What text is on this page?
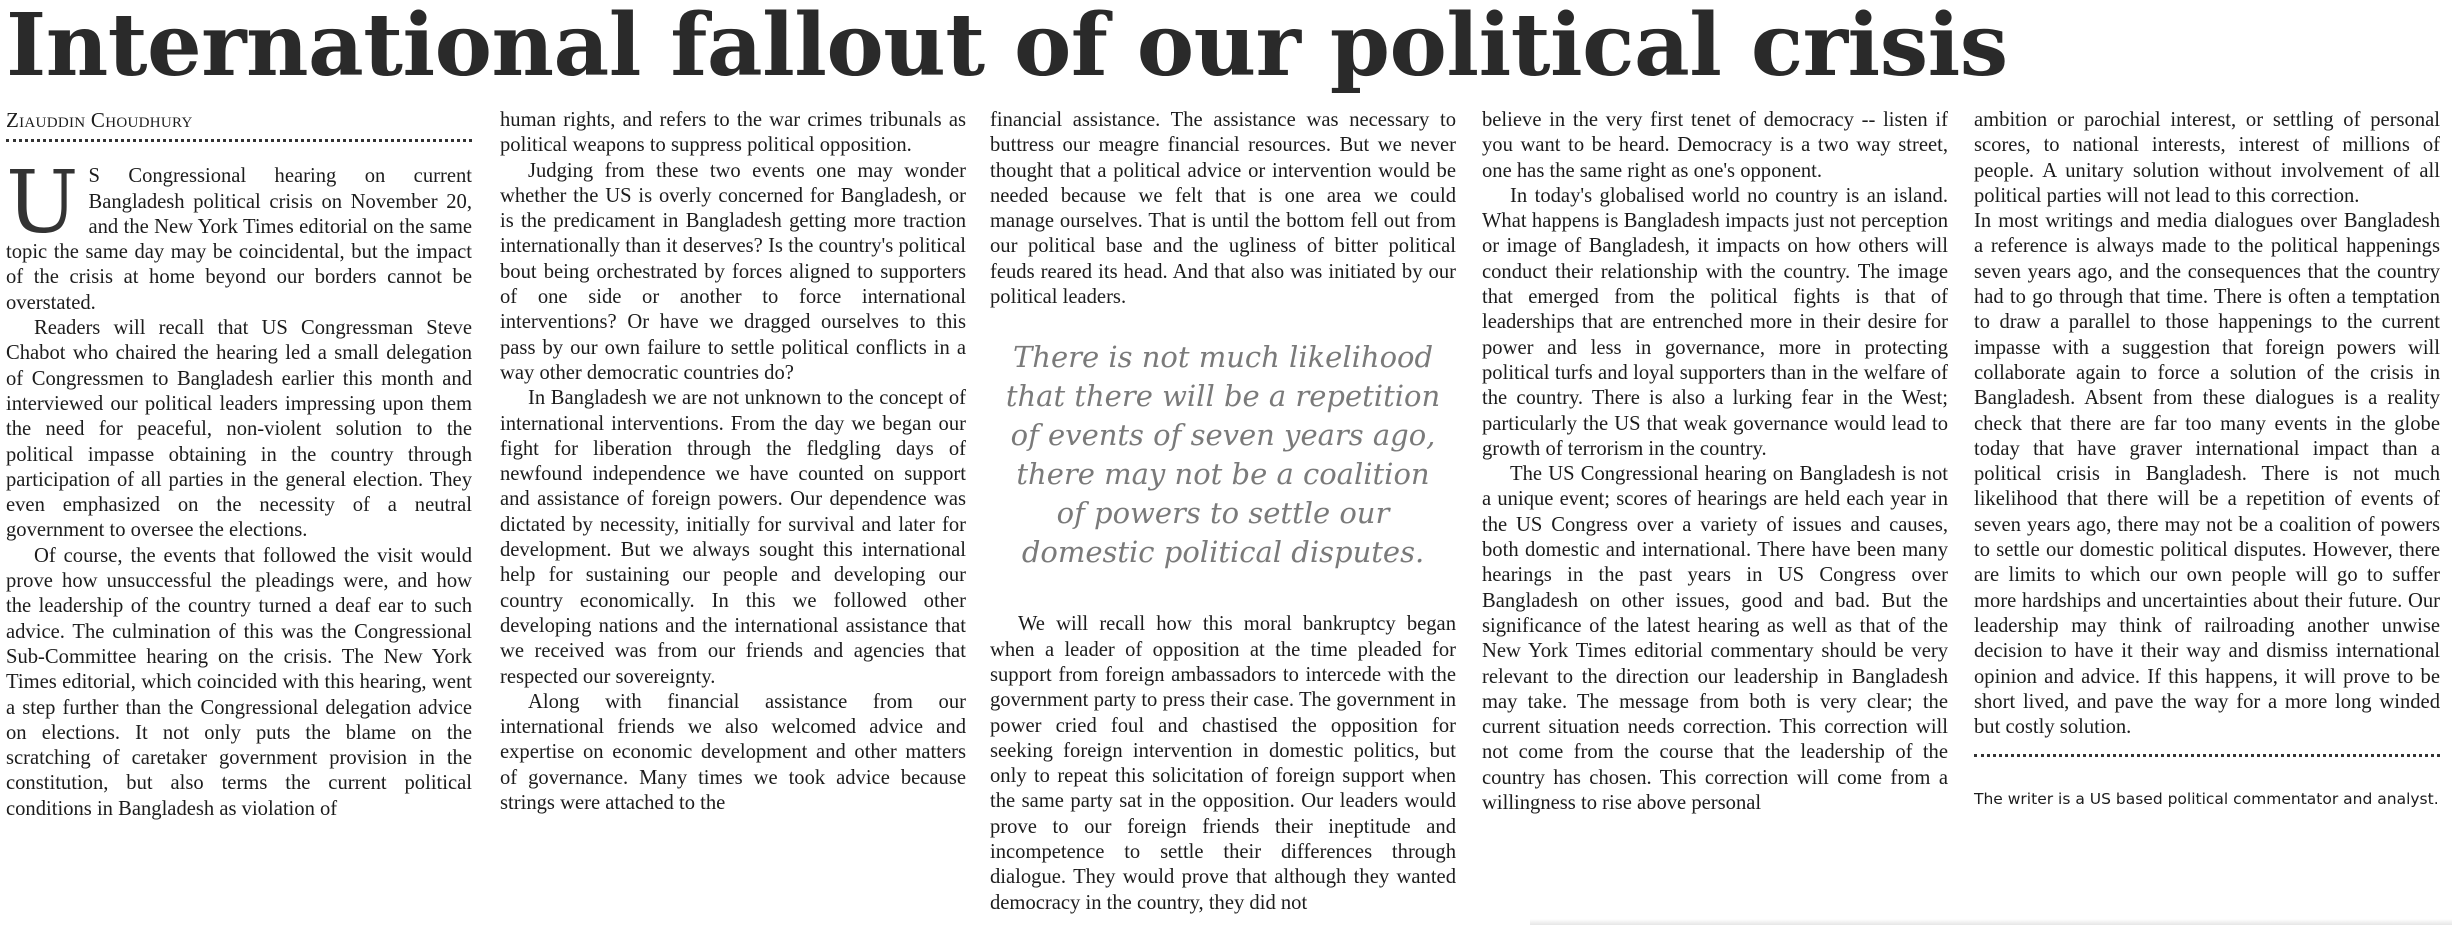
International fallout of our political crisis
Ziauddin Choudhury

U S Congressional hearing on current Bangladesh political crisis on November 20, and the New York Times editorial on the same topic the same day may be coincidental, but the impact of the crisis at home beyond our borders cannot be overstated.

Readers will recall that US Congressman Steve Chabot who chaired the hearing led a small delegation of Congressmen to Bangladesh earlier this month and interviewed our political leaders impressing upon them the need for peaceful, non-violent solution to the political impasse obtaining in the country through participation of all parties in the general election. They even emphasized on the necessity of a neutral government to oversee the elections.

Of course, the events that followed the visit would prove how unsuccessful the pleadings were, and how the leadership of the country turned a deaf ear to such advice. The culmination of this was the Congressional Sub-Committee hearing on the crisis. The New York Times editorial, which coincided with this hearing, went a step further than the Congressional delegation advice on elections. It not only puts the blame on the scratching of caretaker government provision in the constitution, but also terms the current political conditions in Bangladesh as violation of

human rights, and refers to the war crimes tribunals as political weapons to suppress political opposition.

Judging from these two events one may wonder whether the US is overly concerned for Bangladesh, or is the predicament in Bangladesh getting more traction internationally than it deserves? Is the country's political bout being orchestrated by forces aligned to supporters of one side or another to force international interventions? Or have we dragged ourselves to this pass by our own failure to settle political conflicts in a way other democratic countries do?

In Bangladesh we are not unknown to the concept of international interventions. From the day we began our fight for liberation through the fledgling days of newfound independence we have counted on support and assistance of foreign powers. Our dependence was dictated by necessity, initially for survival and later for development. But we always sought this international help for sustaining our people and developing our country economically. In this we followed other developing nations and the international assistance that we received was from our friends and agencies that respected our sovereignty.

Along with financial assistance from our international friends we also welcomed advice and expertise on economic development and other matters of governance. Many times we took advice because strings were attached to the

financial assistance. The assistance was necessary to buttress our meagre financial resources. But we never thought that a political advice or intervention would be needed because we felt that is one area we could manage ourselves. That is until the bottom fell out from our political base and the ugliness of bitter political feuds reared its head. And that also was initiated by our political leaders.

There is not much likelihood that there will be a repetition of events of seven years ago, there may not be a coalition of powers to settle our domestic political disputes.

We will recall how this moral bankruptcy began when a leader of opposition at the time pleaded for support from foreign ambassadors to intercede with the government party to press their case. The government in power cried foul and chastised the opposition for seeking foreign intervention in domestic politics, but only to repeat this solicitation of foreign support when the same party sat in the opposition. Our leaders would prove to our foreign friends their ineptitude and incompetence to settle their differences through dialogue. They would prove that although they wanted democracy in the country, they did not

believe in the very first tenet of democracy -- listen if you want to be heard. Democracy is a two way street, one has the same right as one's opponent.

In today's globalised world no country is an island. What happens is Bangladesh impacts just not perception or image of Bangladesh, it impacts on how others will conduct their relationship with the country. The image that emerged from the political fights is that of leaderships that are entrenched more in their desire for power and less in governance, more in protecting political turfs and loyal supporters than in the welfare of the country. There is also a lurking fear in the West; particularly the US that weak governance would lead to growth of terrorism in the country.

The US Congressional hearing on Bangladesh is not a unique event; scores of hearings are held each year in the US Congress over a variety of issues and causes, both domestic and international. There have been many hearings in the past years in US Congress over Bangladesh on other issues, good and bad. But the significance of the latest hearing as well as that of the New York Times editorial commentary should be very relevant to the direction our leadership in Bangladesh may take. The message from both is very clear; the current situation needs correction. This correction will not come from the course that the leadership of the country has chosen. This correction will come from a willingness to rise above personal

ambition or parochial interest, or settling of personal scores, to national interests, interest of millions of people. A unitary solution without involvement of all political parties will not lead to this correction.

In most writings and media dialogues over Bangladesh a reference is always made to the political happenings seven years ago, and the consequences that the country had to go through that time. There is often a temptation to draw a parallel to those happenings to the current impasse with a suggestion that foreign powers will collaborate again to force a solution of the crisis in Bangladesh. Absent from these dialogues is a reality check that there are far too many events in the globe today that have graver international impact than a political crisis in Bangladesh. There is not much likelihood that there will be a repetition of events of seven years ago, there may not be a coalition of powers to settle our domestic political disputes. However, there are limits to which our own people will go to suffer more hardships and uncertainties about their future. Our leadership may think of railroading another unwise decision to have it their way and dismiss international opinion and advice. If this happens, it will prove to be short lived, and pave the way for a more long winded but costly solution.

The writer is a US based political commentator and analyst.
